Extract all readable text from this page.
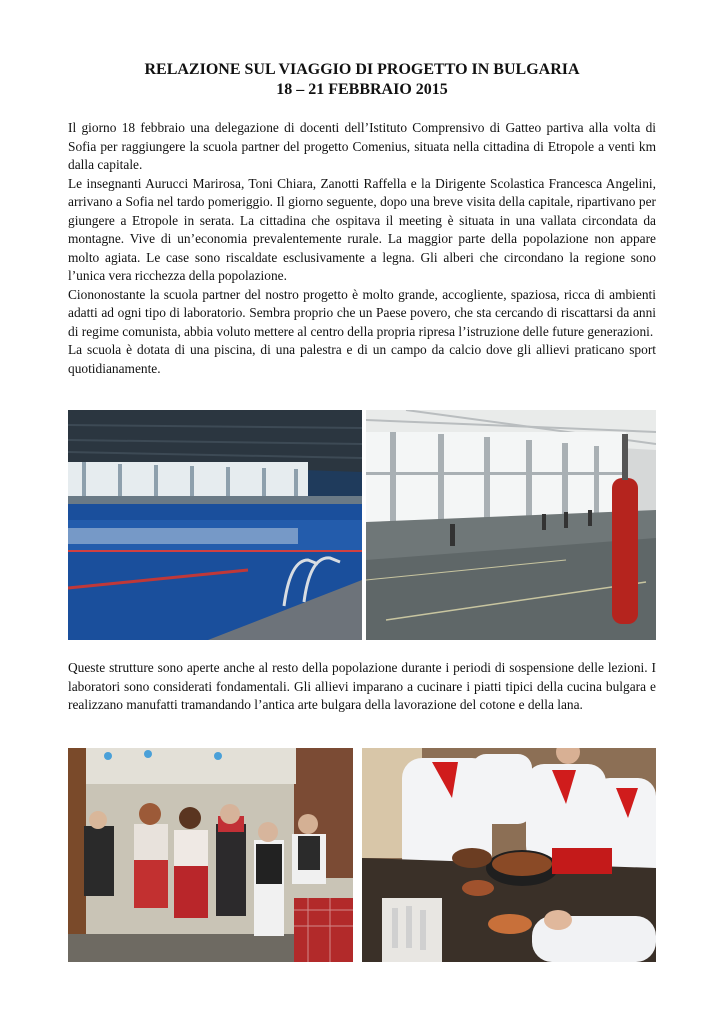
RELAZIONE SUL VIAGGIO DI PROGETTO IN BULGARIA
18 – 21 FEBBRAIO 2015

Il giorno 18 febbraio una delegazione di docenti dell’Istituto Comprensivo di Gatteo partiva alla volta di Sofia per raggiungere la scuola partner del progetto Comenius, situata nella cittadina di Etropole a venti km dalla capitale.

Le insegnanti Aurucci Marirosa, Toni Chiara, Zanotti Raffella e la Dirigente Scolastica Francesca Angelini, arrivano a Sofia nel tardo pomeriggio. Il giorno seguente, dopo una breve visita della capitale, ripartivano per giungere a Etropole in serata. La cittadina che ospitava il meeting è situata in una vallata circondata da montagne. Vive di un’economia prevalentemente rurale. La maggior parte della popolazione non appare molto agiata. Le case sono riscaldate esclusivamente a legna. Gli alberi che circondano la regione sono l’unica vera ricchezza della popolazione.

Ciononostante la scuola partner del nostro progetto è molto grande, accogliente, spaziosa, ricca di ambienti adatti ad ogni tipo di laboratorio. Sembra proprio che un Paese povero, che sta cercando di riscattarsi da anni di regime comunista, abbia voluto mettere al centro della propria ripresa l’istruzione delle future generazioni.

La scuola è dotata di una piscina, di una palestra e di un campo da calcio dove gli allievi praticano sport quotidianamente.

Queste strutture sono aperte anche al resto della popolazione durante i periodi di sospensione delle lezioni. I laboratori sono considerati fondamentali. Gli allievi imparano a cucinare i piatti tipici della cucina bulgara e realizzano manufatti tramandando l’antica arte bulgara della lavorazione del cotone e della lana.
